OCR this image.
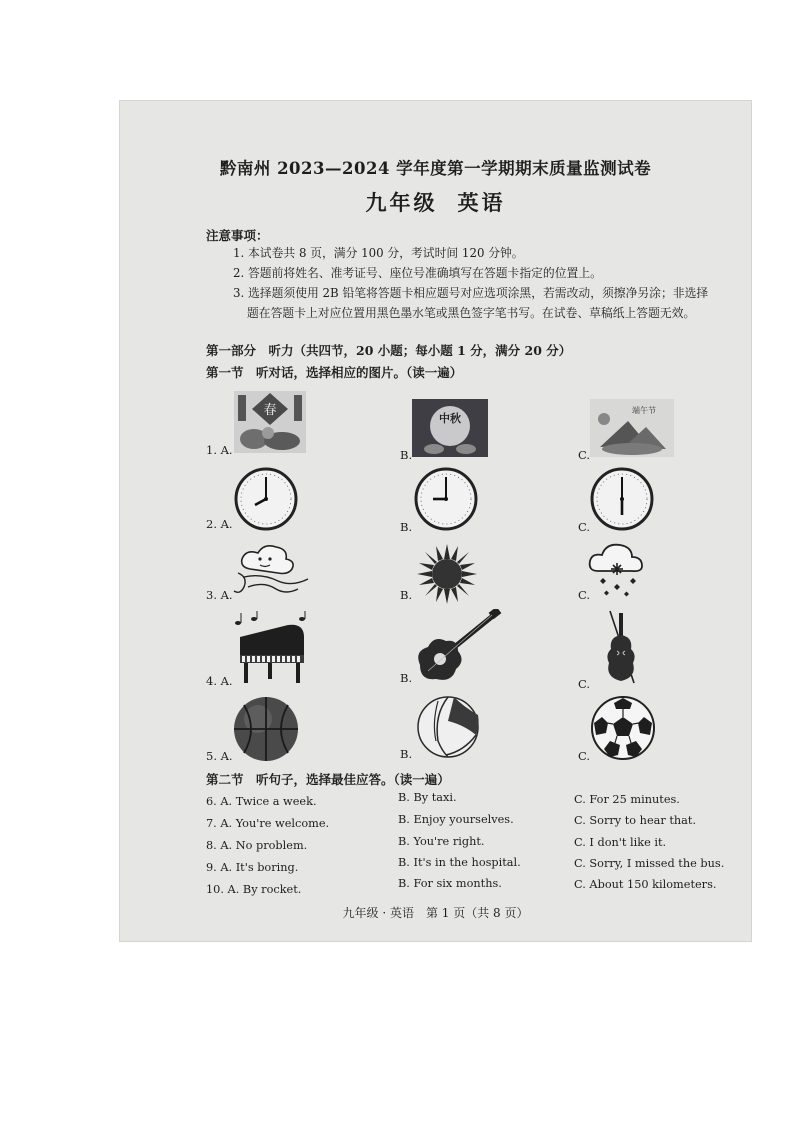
黔南州 2023—2024 学年度第一学期期末质量监测试卷
九年级 英语
注意事项：
1. 本试卷共 8 页，满分 100 分，考试时间 120 分钟。
2. 答题前将姓名、准考证号、座位号准确填写在答题卡指定的位置上。
3. 选择题须使用 2B 铅笔将答题卡相应题号对应选项涂黑，若需改动，须擦净另涂；非选择
题在答题卡上对应位置用黑色墨水笔或黑色签字笔书写。在试卷、草稿纸上答题无效。
第一部分　听力（共四节，20 小题；每小题 1 分，满分 20 分）
第一节　听对话，选择相应的图片。（读一遍）
1. A.	B.	C.
春
中秋
端午节
2. A.	B.	C.
3. A.	B.	C.
4. A.	B.	C.
5. A.	B.	C.
第二节　听句子，选择最佳应答。（读一遍）
6. A. Twice a week.	B. By taxi.	C. For 25 minutes.
7. A. You're welcome.	B. Enjoy yourselves.	C. Sorry to hear that.
8. A. No problem.	B. You're right.	C. I don't like it.
9. A. It's boring.	B. It's in the hospital.	C. Sorry, I missed the bus.
10. A. By rocket.	B. For six months.	C. About 150 kilometers.
九年级 · 英语　第 1 页（共 8 页）
